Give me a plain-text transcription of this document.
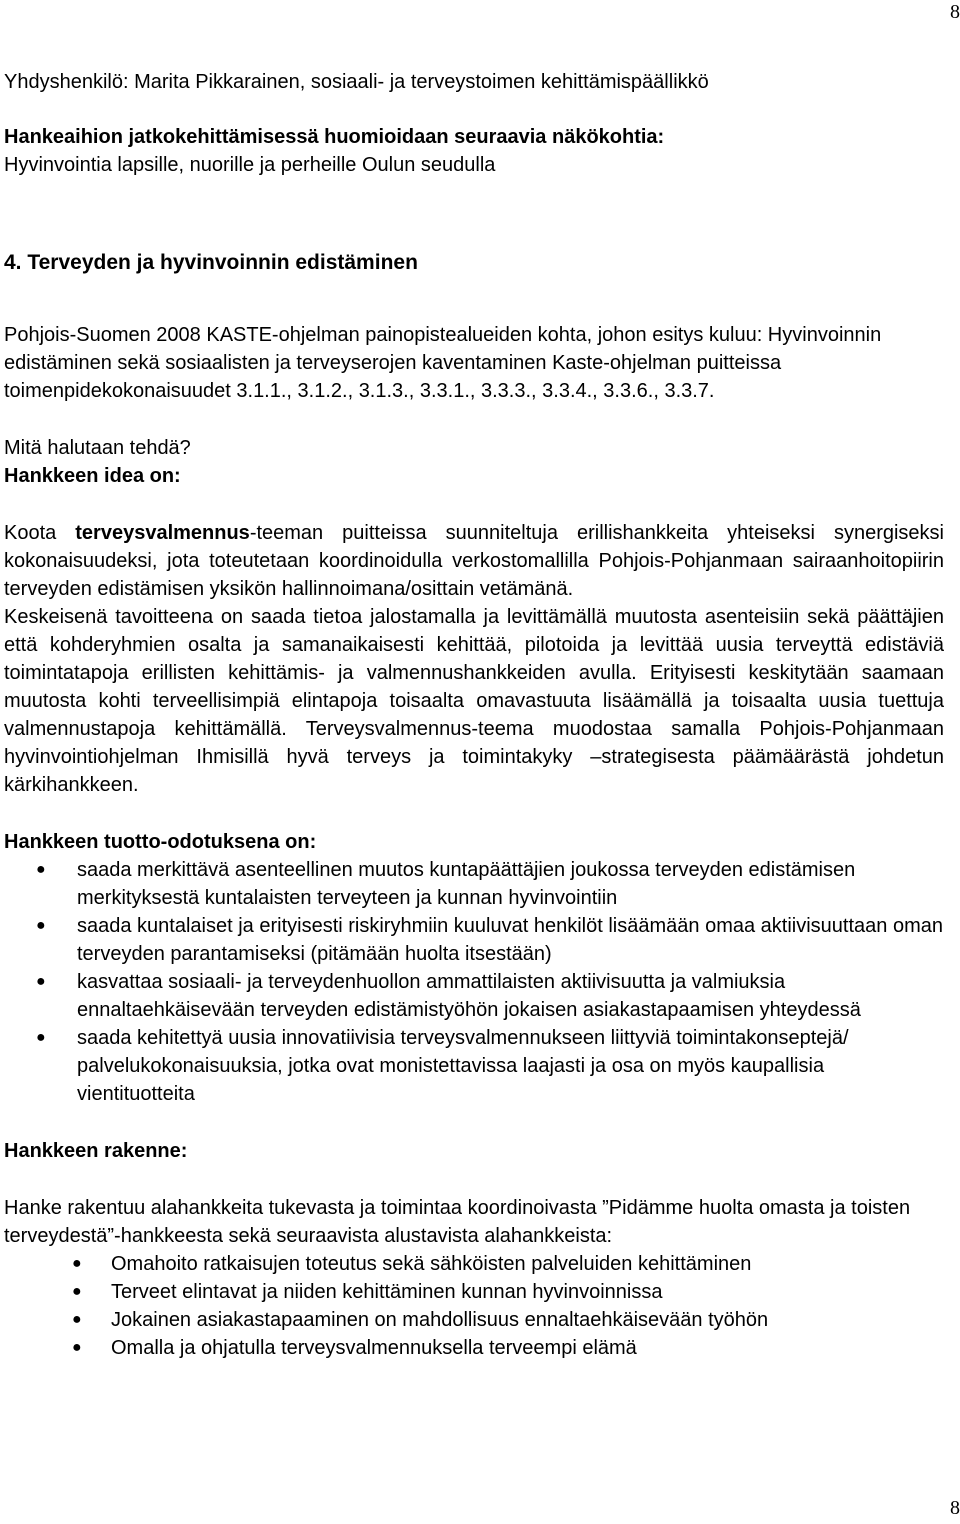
8

Yhdyshenkilö: Marita Pikkarainen, sosiaali- ja terveystoimen kehittämispäällikkö

Hankeaihion jatkokehittämisessä huomioidaan seuraavia näkökohtia:

Hyvinvointia lapsille, nuorille ja perheille Oulun seudulla

4. Terveyden ja hyvinvoinnin edistäminen

Pohjois-Suomen 2008 KASTE-ohjelman painopistealueiden kohta, johon esitys kuluu: Hyvinvoinnin edistäminen sekä sosiaalisten ja terveyserojen kaventaminen Kaste-ohjelman puitteissa toimenpidekokonaisuudet 3.1.1., 3.1.2., 3.1.3., 3.3.1., 3.3.3., 3.3.4., 3.3.6., 3.3.7.

Mitä halutaan tehdä?

Hankkeen idea on:

Koota terveysvalmennus-teeman puitteissa suunniteltuja erillishankkeita yhteiseksi synergiseksi kokonaisuudeksi, jota toteutetaan koordinoidulla verkostomallilla Pohjois-Pohjanmaan sairaanhoitopiirin terveyden edistämisen yksikön hallinnoimana/osittain vetämänä.

Keskeisenä tavoitteena on saada tietoa jalostamalla ja levittämällä muutosta asenteisiin sekä päättäjien että kohderyhmien osalta ja samanaikaisesti kehittää, pilotoida ja levittää uusia terveyttä edistäviä toimintatapoja erillisten kehittämis- ja valmennushankkeiden avulla. Erityisesti keskitytään saamaan muutosta kohti terveellisimpiä elintapoja toisaalta omavastuuta lisäämällä ja toisaalta uusia tuettuja valmennustapoja kehittämällä. Terveysvalmennus-teema muodostaa samalla Pohjois-Pohjanmaan hyvinvointiohjelman Ihmisillä hyvä terveys ja toimintakyky –strategisesta päämäärästä johdetun kärkihankkeen.

Hankkeen tuotto-odotuksena on:

● saada merkittävä asenteellinen muutos kuntapäättäjien joukossa terveyden edistämisen merkityksestä kuntalaisten terveyteen ja kunnan hyvinvointiin
● saada kuntalaiset ja erityisesti riskiryhmiin kuuluvat henkilöt lisäämään omaa aktiivisuuttaan oman terveyden parantamiseksi (pitämään huolta itsestään)
● kasvattaa sosiaali- ja terveydenhuollon ammattilaisten aktiivisuutta ja valmiuksia ennaltaehkäisevään terveyden edistämistyöhön jokaisen asiakastapaamisen yhteydessä
● saada kehitettyä uusia innovatiivisia terveysvalmennukseen liittyviä toimintakonseptejä/ palvelukokonaisuuksia, jotka ovat monistettavissa laajasti ja osa on myös kaupallisia vientituotteita

Hankkeen rakenne:

Hanke rakentuu alahankkeita tukevasta ja toimintaa koordinoivasta ”Pidämme huolta omasta ja toisten terveydestä”-hankkeesta sekä seuraavista alustavista alahankkeista:

● Omahoito ratkaisujen toteutus sekä sähköisten palveluiden kehittäminen
● Terveet elintavat ja niiden kehittäminen kunnan hyvinvoinnissa
● Jokainen asiakastapaaminen on mahdollisuus ennaltaehkäisevään työhön
● Omalla ja ohjatulla terveysvalmennuksella terveempi elämä
8
